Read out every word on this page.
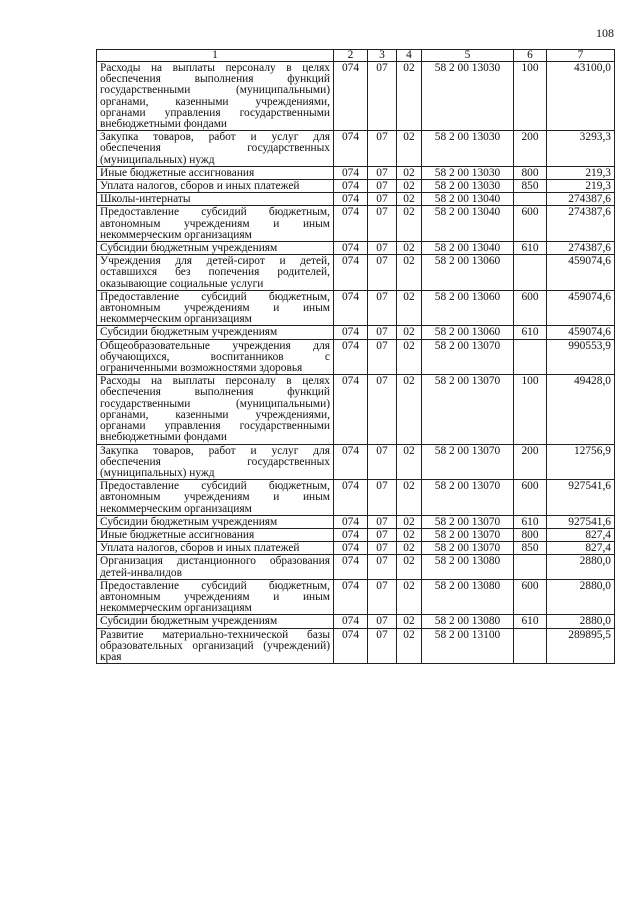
108
1	2	3	4	5	6	7
Расходы на выплаты персоналу в целях обеспечения выполнения функций государственными (муниципальными) органами, казенными учреждениями, органами управления государственными внебюджетными фондами	074	07	02	58 2 00 13030	100	43100,0
Закупка товаров, работ и услуг для обеспечения государственных (муниципальных) нужд	074	07	02	58 2 00 13030	200	3293,3
Иные бюджетные ассигнования	074	07	02	58 2 00 13030	800	219,3
Уплата налогов, сборов и иных платежей	074	07	02	58 2 00 13030	850	219,3
Школы-интернаты	074	07	02	58 2 00 13040		274387,6
Предоставление субсидий бюджетным, автономным учреждениям и иным некоммерческим организациям	074	07	02	58 2 00 13040	600	274387,6
Субсидии бюджетным учреждениям	074	07	02	58 2 00 13040	610	274387,6
Учреждения для детей-сирот и детей, оставшихся без попечения родителей, оказывающие социальные услуги	074	07	02	58 2 00 13060		459074,6
Предоставление субсидий бюджетным, автономным учреждениям и иным некоммерческим организациям	074	07	02	58 2 00 13060	600	459074,6
Субсидии бюджетным учреждениям	074	07	02	58 2 00 13060	610	459074,6
Общеобразовательные учреждения для обучающихся, воспитанников с ограниченными возможностями здоровья	074	07	02	58 2 00 13070		990553,9
Расходы на выплаты персоналу в целях обеспечения выполнения функций государственными (муниципальными) органами, казенными учреждениями, органами управления государственными внебюджетными фондами	074	07	02	58 2 00 13070	100	49428,0
Закупка товаров, работ и услуг для обеспечения государственных (муниципальных) нужд	074	07	02	58 2 00 13070	200	12756,9
Предоставление субсидий бюджетным, автономным учреждениям и иным некоммерческим организациям	074	07	02	58 2 00 13070	600	927541,6
Субсидии бюджетным учреждениям	074	07	02	58 2 00 13070	610	927541,6
Иные бюджетные ассигнования	074	07	02	58 2 00 13070	800	827,4
Уплата налогов, сборов и иных платежей	074	07	02	58 2 00 13070	850	827,4
Организация дистанционного образования детей-инвалидов	074	07	02	58 2 00 13080		2880,0
Предоставление субсидий бюджетным, автономным учреждениям и иным некоммерческим организациям	074	07	02	58 2 00 13080	600	2880,0
Субсидии бюджетным учреждениям	074	07	02	58 2 00 13080	610	2880,0
Развитие материально-технической базы образовательных организаций (учреждений) края	074	07	02	58 2 00 13100		289895,5
